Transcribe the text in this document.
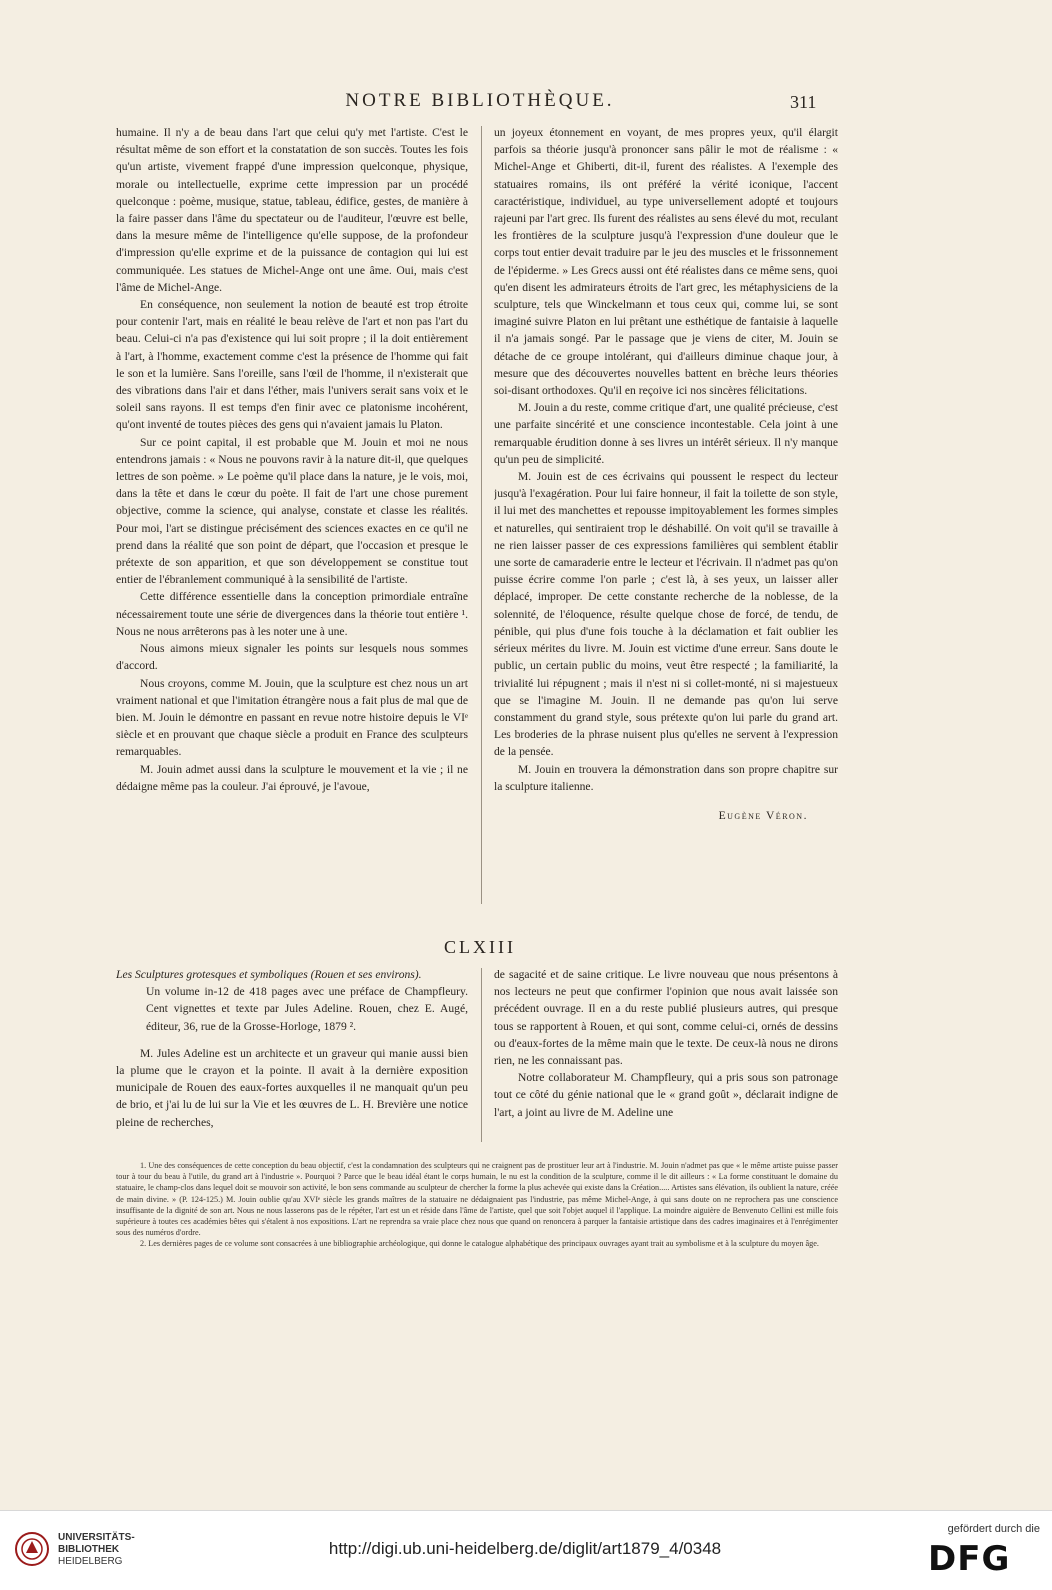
NOTRE BIBLIOTHÈQUE.	311

humaine. Il n'y a de beau dans l'art que celui qu'y met l'artiste. C'est le résultat même de son effort et la constatation de son succès. Toutes les fois qu'un artiste, vivement frappé d'une impression quelconque, physique, morale ou intellectuelle, exprime cette impression par un procédé quelconque : poème, musique, statue, tableau, édifice, gestes, de manière à la faire passer dans l'âme du spectateur ou de l'auditeur, l'œuvre est belle, dans la mesure même de l'intelligence qu'elle suppose, de la profondeur d'impression qu'elle exprime et de la puissance de contagion qui lui est communiquée. Les statues de Michel-Ange ont une âme. Oui, mais c'est l'âme de Michel-Ange.

En conséquence, non seulement la notion de beauté est trop étroite pour contenir l'art, mais en réalité le beau relève de l'art et non pas l'art du beau. Celui-ci n'a pas d'existence qui lui soit propre ; il la doit entièrement à l'art, à l'homme, exactement comme c'est la présence de l'homme qui fait le son et la lumière. Sans l'oreille, sans l'œil de l'homme, il n'existerait que des vibrations dans l'air et dans l'éther, mais l'univers serait sans voix et le soleil sans rayons. Il est temps d'en finir avec ce platonisme incohérent, qu'ont inventé de toutes pièces des gens qui n'avaient jamais lu Platon.

Sur ce point capital, il est probable que M. Jouin et moi ne nous entendrons jamais : « Nous ne pouvons ravir à la nature dit-il, que quelques lettres de son poème. » Le poème qu'il place dans la nature, je le vois, moi, dans la tête et dans le cœur du poète. Il fait de l'art une chose purement objective, comme la science, qui analyse, constate et classe les réalités. Pour moi, l'art se distingue précisément des sciences exactes en ce qu'il ne prend dans la réalité que son point de départ, que l'occasion et presque le prétexte de son apparition, et que son développement se constitue tout entier de l'ébranlement communiqué à la sensibilité de l'artiste.

Cette différence essentielle dans la conception primordiale entraîne nécessairement toute une série de divergences dans la théorie tout entière ¹. Nous ne nous arrêterons pas à les noter une à une.

Nous aimons mieux signaler les points sur lesquels nous sommes d'accord.

Nous croyons, comme M. Jouin, que la sculpture est chez nous un art vraiment national et que l'imitation étrangère nous a fait plus de mal que de bien. M. Jouin le démontre en passant en revue notre histoire depuis le VIᵉ siècle et en prouvant que chaque siècle a produit en France des sculpteurs remarquables.

M. Jouin admet aussi dans la sculpture le mouvement et la vie ; il ne dédaigne même pas la couleur. J'ai éprouvé, je l'avoue,

un joyeux étonnement en voyant, de mes propres yeux, qu'il élargit parfois sa théorie jusqu'à prononcer sans pâlir le mot de réalisme : « Michel-Ange et Ghiberti, dit-il, furent des réalistes. A l'exemple des statuaires romains, ils ont préféré la vérité iconique, l'accent caractéristique, individuel, au type universellement adopté et toujours rajeuni par l'art grec. Ils furent des réalistes au sens élevé du mot, reculant les frontières de la sculpture jusqu'à l'expression d'une douleur que le corps tout entier devait traduire par le jeu des muscles et le frissonnement de l'épiderme. » Les Grecs aussi ont été réalistes dans ce même sens, quoi qu'en disent les admirateurs étroits de l'art grec, les métaphysiciens de la sculpture, tels que Winckelmann et tous ceux qui, comme lui, se sont imaginé suivre Platon en lui prêtant une esthétique de fantaisie à laquelle il n'a jamais songé. Par le passage que je viens de citer, M. Jouin se détache de ce groupe intolérant, qui d'ailleurs diminue chaque jour, à mesure que des découvertes nouvelles battent en brèche leurs théories soi-disant orthodoxes. Qu'il en reçoive ici nos sincères félicitations.

M. Jouin a du reste, comme critique d'art, une qualité précieuse, c'est une parfaite sincérité et une conscience incontestable. Cela joint à une remarquable érudition donne à ses livres un intérêt sérieux. Il n'y manque qu'un peu de simplicité.

M. Jouin est de ces écrivains qui poussent le respect du lecteur jusqu'à l'exagération. Pour lui faire honneur, il fait la toilette de son style, il lui met des manchettes et repousse impitoyablement les formes simples et naturelles, qui sentiraient trop le déshabillé. On voit qu'il se travaille à ne rien laisser passer de ces expressions familières qui semblent établir une sorte de camaraderie entre le lecteur et l'écrivain. Il n'admet pas qu'on puisse écrire comme l'on parle ; c'est là, à ses yeux, un laisser aller déplacé, improper. De cette constante recherche de la noblesse, de la solennité, de l'éloquence, résulte quelque chose de forcé, de tendu, de pénible, qui plus d'une fois touche à la déclamation et fait oublier les sérieux mérites du livre. M. Jouin est victime d'une erreur. Sans doute le public, un certain public du moins, veut être respecté ; la familiarité, la trivialité lui répugnent ; mais il n'est ni si collet-monté, ni si majestueux que se l'imagine M. Jouin. Il ne demande pas qu'on lui serve constamment du grand style, sous prétexte qu'on lui parle du grand art. Les broderies de la phrase nuisent plus qu'elles ne servent à l'expression de la pensée.

M. Jouin en trouvera la démonstration dans son propre chapitre sur la sculpture italienne.

Eugène Véron.

CLXIII

Les Sculptures grotesques et symboliques (Rouen et ses environs).

Un volume in-12 de 418 pages avec une préface de Champfleury. Cent vignettes et texte par Jules Adeline. Rouen, chez E. Augé, éditeur, 36, rue de la Grosse-Horloge, 1879 ².

M. Jules Adeline est un architecte et un graveur qui manie aussi bien la plume que le crayon et la pointe. Il avait à la dernière exposition municipale de Rouen des eaux-fortes auxquelles il ne manquait qu'un peu de brio, et j'ai lu de lui sur la Vie et les œuvres de L. H. Brevière une notice pleine de recherches,

de sagacité et de saine critique. Le livre nouveau que nous présentons à nos lecteurs ne peut que confirmer l'opinion que nous avait laissée son précédent ouvrage. Il en a du reste publié plusieurs autres, qui presque tous se rapportent à Rouen, et qui sont, comme celui-ci, ornés de dessins ou d'eaux-fortes de la même main que le texte. De ceux-là nous ne dirons rien, ne les connaissant pas.

Notre collaborateur M. Champfleury, qui a pris sous son patronage tout ce côté du génie national que le « grand goût », déclarait indigne de l'art, a joint au livre de M. Adeline une

1. Une des conséquences de cette conception du beau objectif, c'est la condamnation des sculpteurs qui ne craignent pas de prostituer leur art à l'industrie. M. Jouin n'admet pas que « le même artiste puisse passer tour à tour du beau à l'utile, du grand art à l'industrie ». Pourquoi ? Parce que le beau idéal étant le corps humain, le nu est la condition de la sculpture, comme il le dit ailleurs : « La forme constituant le domaine du statuaire, le champ-clos dans lequel doit se mouvoir son activité, le bon sens commande au sculpteur de chercher la forme la plus achevée qui existe dans la Création..... Artistes sans élévation, ils oublient la nature, créée de main divine. » (P. 124-125.) M. Jouin oublie qu'au XVIᵉ siècle les grands maîtres de la statuaire ne dédaignaient pas l'industrie, pas même Michel-Ange, à qui sans doute on ne reprochera pas une conscience insuffisante de la dignité de son art. Nous ne nous lasserons pas de le répéter, l'art est un et réside dans l'âme de l'artiste, quel que soit l'objet auquel il l'applique. La moindre aiguière de Benvenuto Cellini est mille fois supérieure à toutes ces académies bêtes qui s'étalent à nos expositions. L'art ne reprendra sa vraie place chez nous que quand on renoncera à parquer la fantaisie artistique dans des cadres imaginaires et à l'enrégimenter sous des numéros d'ordre.

2. Les dernières pages de ce volume sont consacrées à une bibliographie archéologique, qui donne le catalogue alphabétique des principaux ouvrages ayant trait au symbolisme et à la sculpture du moyen âge.

UNIVERSITÄTS-
BIBLIOTHEK
HEIDELBERG
http://digi.ub.uni-heidelberg.de/diglit/art1879_4/0348
gefördert durch die
DFG
